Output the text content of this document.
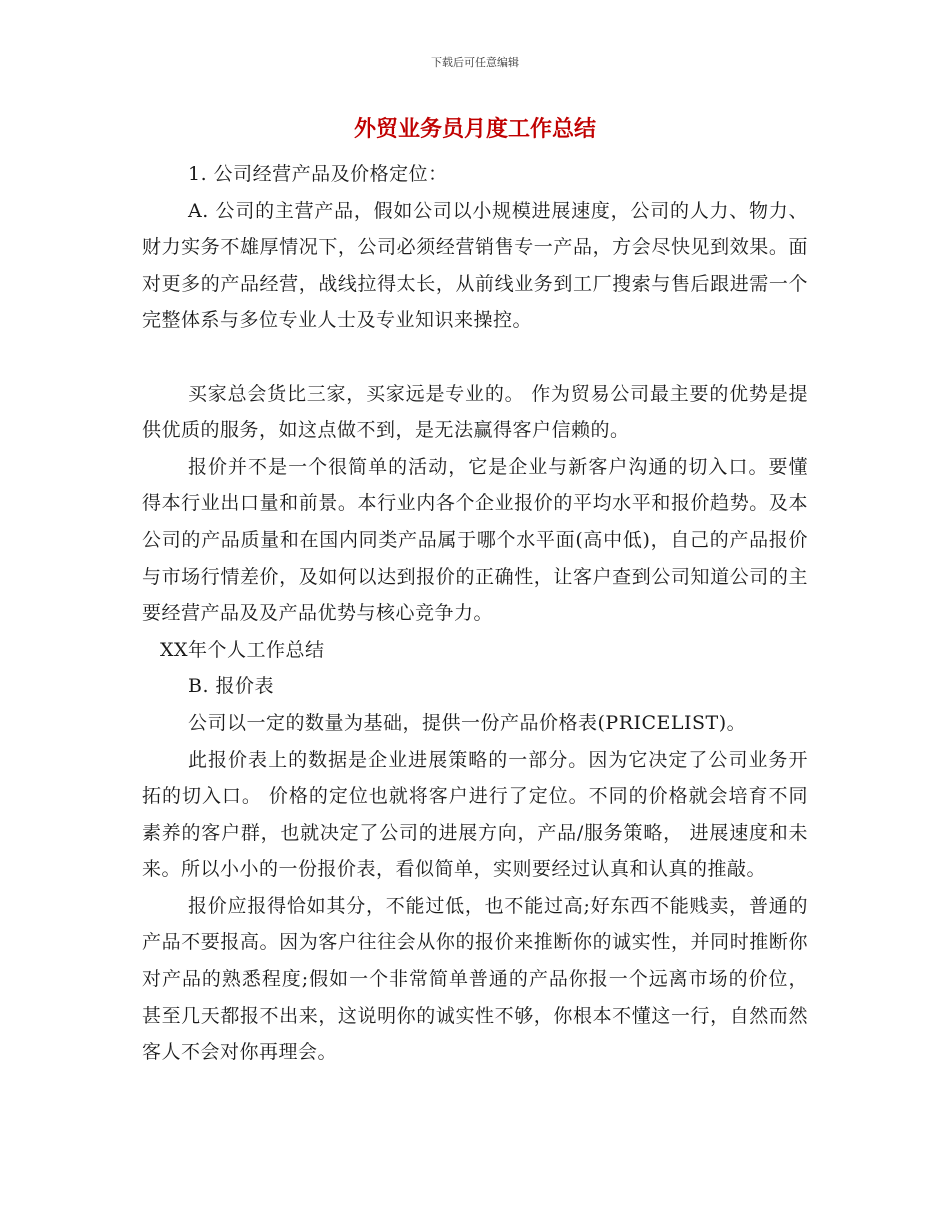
下载后可任意编辑
外贸业务员月度工作总结

1. 公司经营产品及价格定位：

A. 公司的主营产品，假如公司以小规模进展速度，公司的人力、物力、财力实务不雄厚情况下，公司必须经营销售专一产品，方会尽快见到效果。面对更多的产品经营，战线拉得太长，从前线业务到工厂搜索与售后跟进需一个完整体系与多位专业人士及专业知识来操控。

买家总会货比三家，买家远是专业的。 作为贸易公司最主要的优势是提供优质的服务，如这点做不到，是无法赢得客户信赖的。

报价并不是一个很简单的活动，它是企业与新客户沟通的切入口。要懂得本行业出口量和前景。本行业内各个企业报价的平均水平和报价趋势。及本公司的产品质量和在国内同类产品属于哪个水平面(高中低)，自己的产品报价与市场行情差价，及如何以达到报价的正确性，让客户查到公司知道公司的主要经营产品及及产品优势与核心竞争力。

XX年个人工作总结

B. 报价表

公司以一定的数量为基础，提供一份产品价格表(PRICELIST)。

此报价表上的数据是企业进展策略的一部分。因为它决定了公司业务开拓的切入口。 价格的定位也就将客户进行了定位。不同的价格就会培育不同素养的客户群，也就决定了公司的进展方向，产品/服务策略， 进展速度和未来。所以小小的一份报价表，看似简单，实则要经过认真和认真的推敲。

报价应报得恰如其分，不能过低，也不能过高;好东西不能贱卖，普通的产品不要报高。因为客户往往会从你的报价来推断你的诚实性，并同时推断你对产品的熟悉程度;假如一个非常简单普通的产品你报一个远离市场的价位，甚至几天都报不出来，这说明你的诚实性不够，你根本不懂这一行，自然而然客人不会对你再理会。
